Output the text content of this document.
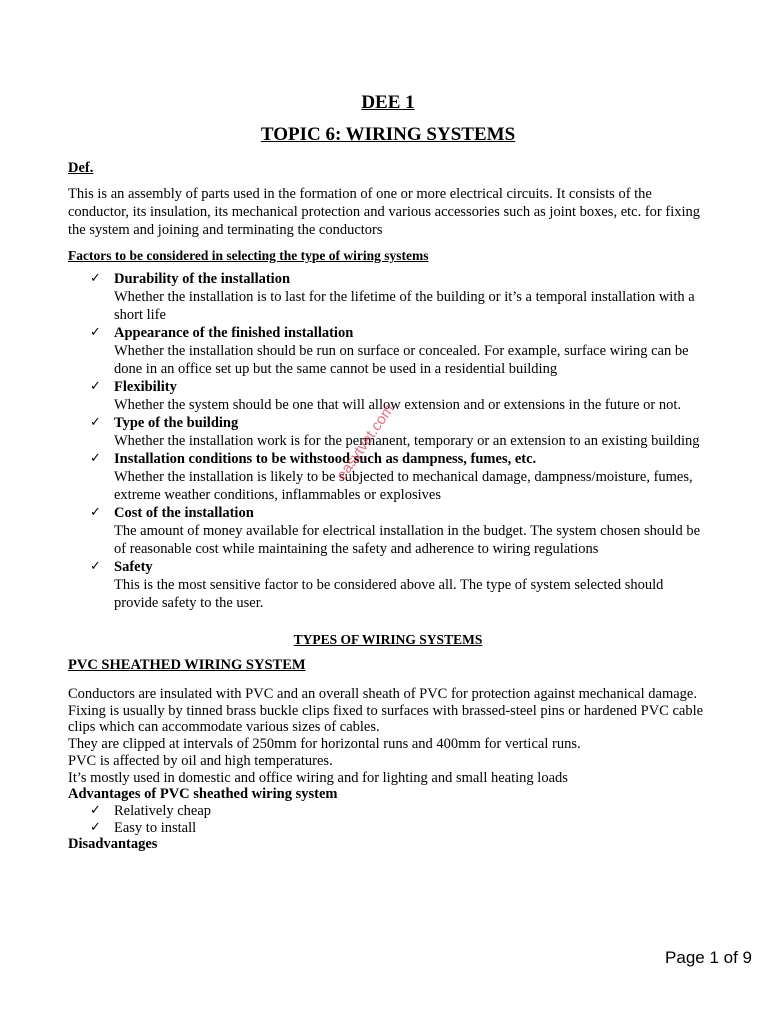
DEE 1
TOPIC 6: WIRING SYSTEMS
Def.

This is an assembly of parts used in the formation of one or more electrical circuits. It consists of the conductor, its insulation, its mechanical protection and various accessories such as joint boxes, etc. for fixing the system and joining and terminating the conductors

Factors to be considered in selecting the type of wiring systems
✓ Durability of the installation
Whether the installation is to last for the lifetime of the building or it’s a temporal installation with a short life
✓ Appearance of the finished installation
Whether the installation should be run on surface or concealed. For example, surface wiring can be done in an office set up but the same cannot be used in a residential building
✓ Flexibility
Whether the system should be one that will allow extension and or extensions in the future or not.
✓ Type of the building
Whether the installation work is for the permanent, temporary or an extension to an existing building
✓ Installation conditions to be withstood such as dampness, fumes, etc.
Whether the installation is likely to be subjected to mechanical damage, dampness/moisture, fumes, extreme weather conditions, inflammables or explosives
✓ Cost of the installation
The amount of money available for electrical installation in the budget. The system chosen should be of reasonable cost while maintaining the safety and adherence to wiring regulations
✓ Safety
This is the most sensitive factor to be considered above all. The type of system selected should provide safety to the user.
TYPES OF WIRING SYSTEMS
PVC SHEATHED WIRING SYSTEM
Conductors are insulated with PVC and an overall sheath of PVC for protection against mechanical damage.
Fixing is usually by tinned brass buckle clips fixed to surfaces with brassed-steel pins or hardened PVC cable clips which can accommodate various sizes of cables.
They are clipped at intervals of 250mm for horizontal runs and 400mm for vertical runs.
PVC is affected by oil and high temperatures.
It’s mostly used in domestic and office wiring and for lighting and small heating loads
Advantages of PVC sheathed wiring system
✓ Relatively cheap
✓ Easy to install
Disadvantages
easytvet.com
Page 1 of 9
